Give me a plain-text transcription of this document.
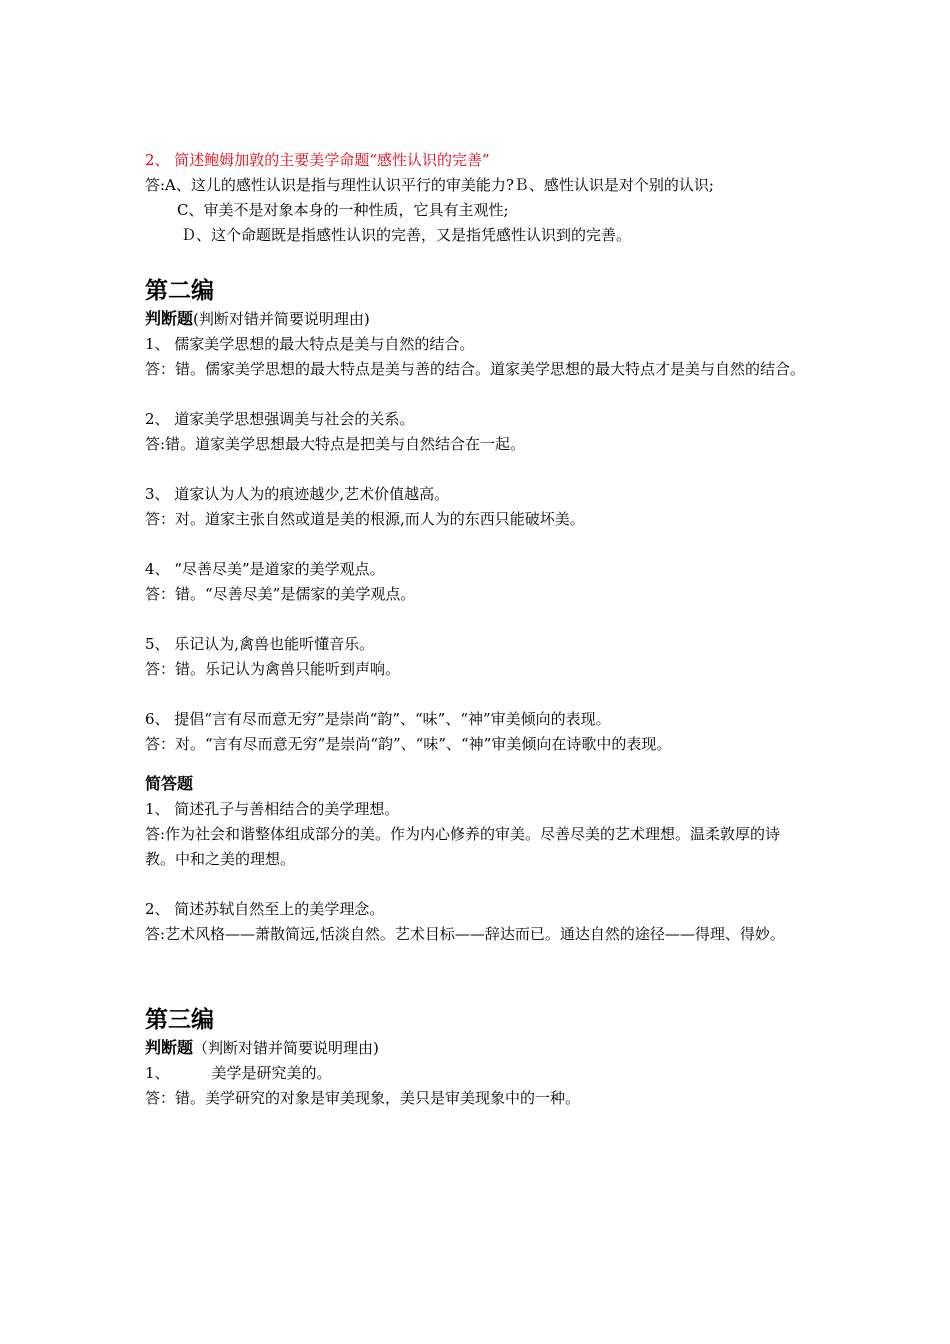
2、 简述鲍姆加敦的主要美学命题“感性认识的完善”

答:A、这儿的感性认识是指与理性认识平行的审美能力?Ｂ、感性认识是对个别的认识;

C、审美不是对象本身的一种性质，它具有主观性;

Ｄ、这个命题既是指感性认识的完善，又是指凭感性认识到的完善。

第二编

判断题(判断对错并简要说明理由)

1、 儒家美学思想的最大特点是美与自然的结合。

答：错。儒家美学思想的最大特点是美与善的结合。道家美学思想的最大特点才是美与自然的结合。

2、 道家美学思想强调美与社会的关系。

答:错。道家美学思想最大特点是把美与自然结合在一起。

3、 道家认为人为的痕迹越少,艺术价值越高。

答：对。道家主张自然或道是美的根源,而人为的东西只能破坏美。

4、 “尽善尽美”是道家的美学观点。

答：错。“尽善尽美”是儒家的美学观点。

5、 乐记认为,禽兽也能听懂音乐。

答：错。乐记认为禽兽只能听到声响。

6、 提倡“言有尽而意无穷”是崇尚“韵”、“味”、“神”审美倾向的表现。

答：对。“言有尽而意无穷”是崇尚“韵”、“味”、“神”审美倾向在诗歌中的表现。

简答题

1、 简述孔子与善相结合的美学理想。

答:作为社会和谐整体组成部分的美。作为内心修养的审美。尽善尽美的艺术理想。温柔敦厚的诗教。中和之美的理想。

2、 简述苏轼自然至上的美学理念。

答:艺术风格——萧散简远,恬淡自然。艺术目标——辞达而已。通达自然的途径——得理、得妙。

第三编

判断题（判断对错并简要说明理由)

1、	美学是研究美的。

答：错。美学研究的对象是审美现象，美只是审美现象中的一种。
